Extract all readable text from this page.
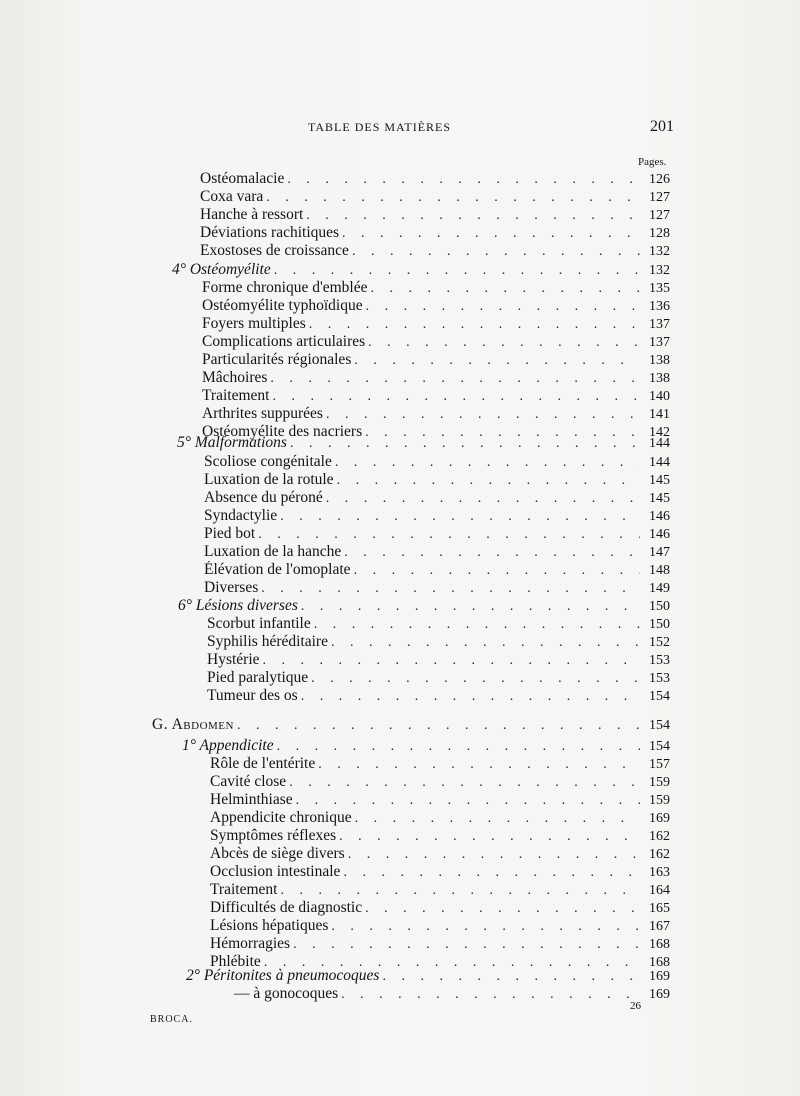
TABLE DES MATIÈRES	201
Pages.
Ostéomalacie . . .	126
Coxa vara . . .	127
Hanche à ressort . . .	127
Déviations rachitiques . . .	128
Exostoses de croissance . . .	132
4° Ostéomyélite . . .	132
Forme chronique d'emblée . . .	135
Ostéomyélite typhoïdique . . .	136
Foyers multiples . . .	137
Complications articulaires . . .	137
Particularités régionales . . .	138
Mâchoires . . .	138
Traitement . . .	140
Arthrites suppurées . . .	141
Ostéomyélite des nacriers . . .	142
5° Malformations . . .	144
Scoliose congénitale . . .	144
Luxation de la rotule . . .	145
Absence du péroné . . .	145
Syndactylie . . .	146
Pied bot . . .	146
Luxation de la hanche . . .	147
Élévation de l'omoplate . . .	148
Diverses . . .	149
6° Lésions diverses . . .	150
Scorbut infantile . . .	150
Syphilis héréditaire . . .	152
Hystérie . . .	153
Pied paralytique . . .	153
Tumeur des os . . .	154
G. Abdomen . . .	154
1° Appendicite . . .	154
Rôle de l'entérite . . .	157
Cavité close . . .	159
Helminthiase . . .	159
Appendicite chronique . . .	169
Symptômes réflexes . . .	162
Abcès de siège divers . . .	162
Occlusion intestinale . . .	163
Traitement . . .	164
Difficultés de diagnostic . . .	165
Lésions hépatiques . . .	167
Hémorragies . . .	168
Phlébite . . .	168
2° Péritonites à pneumocoques . . .	169
— à gonocoques . . .	169
26
BROCA.
